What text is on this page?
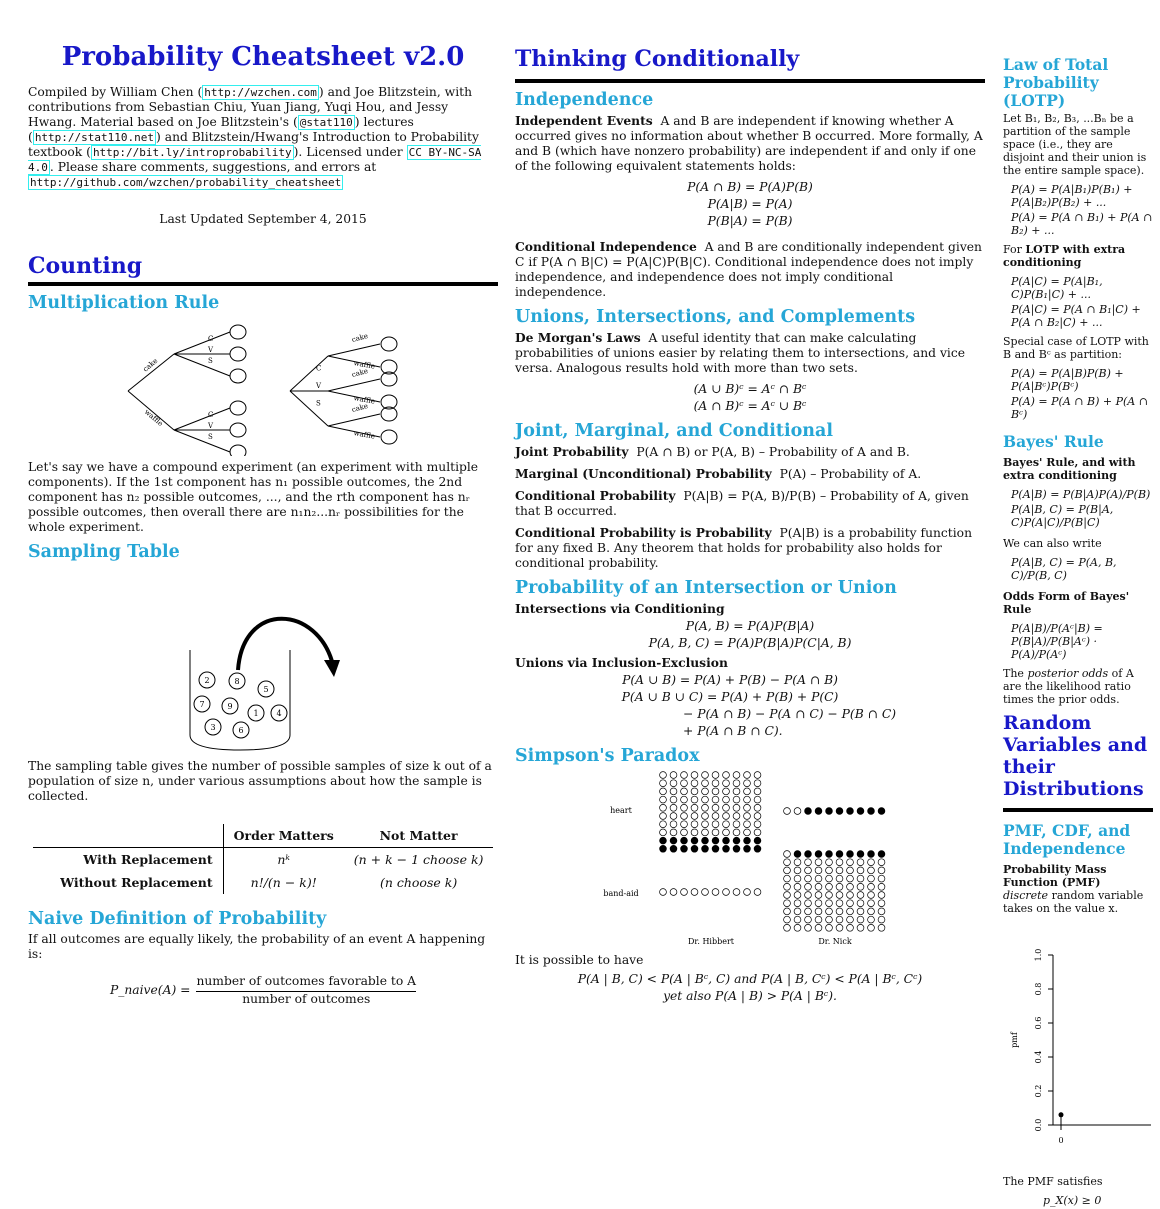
Probability Cheatsheet v2.0

Compiled by William Chen ( http://wzchen.com ) and Joe Blitzstein, with contributions from Sebastian Chiu, Yuan Jiang, Yuqi Hou, and Jessy Hwang. Material based on Joe Blitzstein's ( @stat110 ) lectures ( http://stat110.net ) and Blitzstein/Hwang's Introduction to Probability textbook ( http://bit.ly/introprobability ). Licensed under CC BY-NC-SA 4.0 . Please share comments, suggestions, and errors at http://github.com/wzchen/probability_cheatsheet

Last Updated September 4, 2015

Counting
Multiplication Rule
cake
C
V
S
waffle	C
V
S
C
cake
waffle
V
cake
waffle
S	cake
waffle

Let's say we have a compound experiment (an experiment with multiple components). If the 1st component has n₁ possible outcomes, the 2nd component has n₂ possible outcomes, ..., and the rth component has nᵣ possible outcomes, then overall there are n₁n₂...nᵣ possibilities for the whole experiment.

Sampling Table
2	8
5
7	9
1 4
3	6

The sampling table gives the number of possible samples of size k out of a population of size n, under various assumptions about how the sample is collected.

	Order Matters	Not Matter
With Replacement	nᵏ	(n + k − 1 choose k)
Without Replacement	n!/(n − k)!	(n choose k)
Naive Definition of Probability

If all outcomes are equally likely, the probability of an event A happening is:

P_naive(A) =
number of outcomes favorable to A
number of outcomes
Thinking Conditionally
Independence

Independent Events A and B are independent if knowing whether A occurred gives no information about whether B occurred. More formally, A and B (which have nonzero probability) are independent if and only if one of the following equivalent statements holds:

P(A ∩ B) = P(A)P(B)
P(A|B) = P(A)
P(B|A) = P(B)

Conditional Independence A and B are conditionally independent given C if P(A ∩ B|C) = P(A|C)P(B|C). Conditional independence does not imply independence, and independence does not imply conditional independence.

Unions, Intersections, and Complements

De Morgan's Laws A useful identity that can make calculating probabilities of unions easier by relating them to intersections, and vice versa. Analogous results hold with more than two sets.

(A ∪ B)ᶜ = Aᶜ ∩ Bᶜ
(A ∩ B)ᶜ = Aᶜ ∪ Bᶜ
Joint, Marginal, and Conditional

Joint Probability P(A ∩ B) or P(A, B) – Probability of A and B.

Marginal (Unconditional) Probability P(A) – Probability of A.

Conditional Probability P(A|B) = P(A, B)/P(B) – Probability of A, given that B occurred.

Conditional Probability is Probability P(A|B) is a probability function for any fixed B. Any theorem that holds for probability also holds for conditional probability.

Probability of an Intersection or Union

Intersections via Conditioning

P(A, B) = P(A)P(B|A)
P(A, B, C) = P(A)P(B|A)P(C|A, B)

Unions via Inclusion-Exclusion

P(A ∪ B) = P(A) + P(B) − P(A ∩ B)
P(A ∪ B ∪ C) = P(A) + P(B) + P(C)
− P(A ∩ B) − P(A ∩ C) − P(B ∩ C)
+ P(A ∩ B ∩ C).
Simpson's Paradox
heart
band-aid
Dr. Hibbert	Dr. Nick

It is possible to have

P(A | B, C) < P(A | Bᶜ, C) and P(A | B, Cᶜ) < P(A | Bᶜ, Cᶜ)
yet also P(A | B) > P(A | Bᶜ).
Law of Total Probability (LOTP)

Let B₁, B₂, B₃, ...Bₙ be a partition of the sample space (i.e., they are disjoint and their union is the entire sample space).

P(A) = P(A|B₁)P(B₁) + P(A|B₂)P(B₂) + ...
P(A) = P(A ∩ B₁) + P(A ∩ B₂) + ...

For LOTP with extra conditioning

P(A|C) = P(A|B₁, C)P(B₁|C) + ...
P(A|C) = P(A ∩ B₁|C) + P(A ∩ B₂|C) + ...

Special case of LOTP with B and Bᶜ as partition:

P(A) = P(A|B)P(B) + P(A|Bᶜ)P(Bᶜ)
P(A) = P(A ∩ B) + P(A ∩ Bᶜ)
Bayes' Rule

Bayes' Rule, and with extra conditioning

P(A|B) = P(B|A)P(A)/P(B)
P(A|B, C) = P(B|A, C)P(A|C)/P(B|C)

We can also write

P(A|B, C) = P(A, B, C)/P(B, C)

Odds Form of Bayes' Rule

P(A|B)/P(Aᶜ|B) = P(B|A)/P(B|Aᶜ) · P(A)/P(Aᶜ)

The posterior odds of A are the likelihood ratio times the prior odds.

Random Variables and their Distributions
PMF, CDF, and Independence

Probability Mass Function (PMF)
discrete random variable takes on the value x.

0.0
0.2
0.4
0.6
0.8
1.0
pmf
0

The PMF satisfies

p_X(x) ≥ 0
